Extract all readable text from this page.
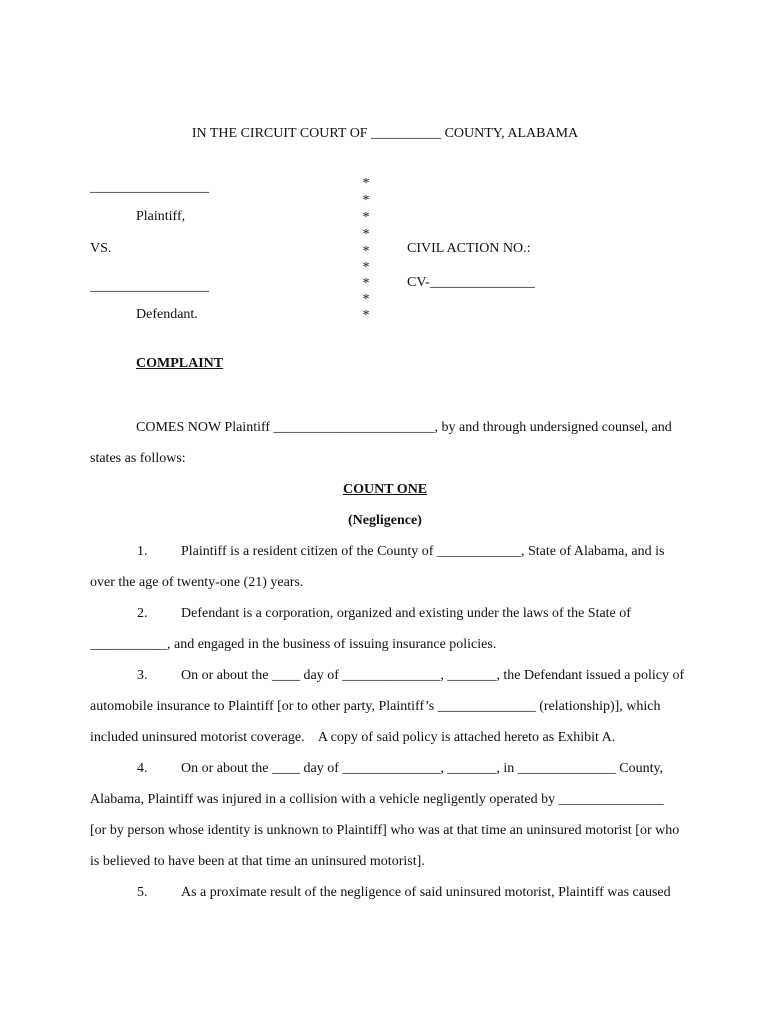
IN THE CIRCUIT COURT OF __________ COUNTY, ALABAMA
_________________
Plaintiff,
VS.
_________________
Defendant.
*
*
*
*
*
*
*
*
*
CIVIL ACTION NO.:
CV-_______________
COMPLAINT
COMES NOW Plaintiff _______________________, by and through undersigned counsel, and
states as follows:
COUNT ONE
(Negligence)
1. Plaintiff is a resident citizen of the County of ____________, State of Alabama, and is
over the age of twenty-one (21) years.
2. Defendant is a corporation, organized and existing under the laws of the State of
___________, and engaged in the business of issuing insurance policies.
3. On or about the ____ day of ______________, _______, the Defendant issued a policy of
automobile insurance to Plaintiff [or to other party, Plaintiff’s ______________ (relationship)], which
included uninsured motorist coverage.    A copy of said policy is attached hereto as Exhibit A.
4. On or about the ____ day of ______________, _______, in ______________ County,
Alabama, Plaintiff was injured in a collision with a vehicle negligently operated by _______________
[or by person whose identity is unknown to Plaintiff] who was at that time an uninsured motorist [or who
is believed to have been at that time an uninsured motorist].
5. As a proximate result of the negligence of said uninsured motorist, Plaintiff was caused
